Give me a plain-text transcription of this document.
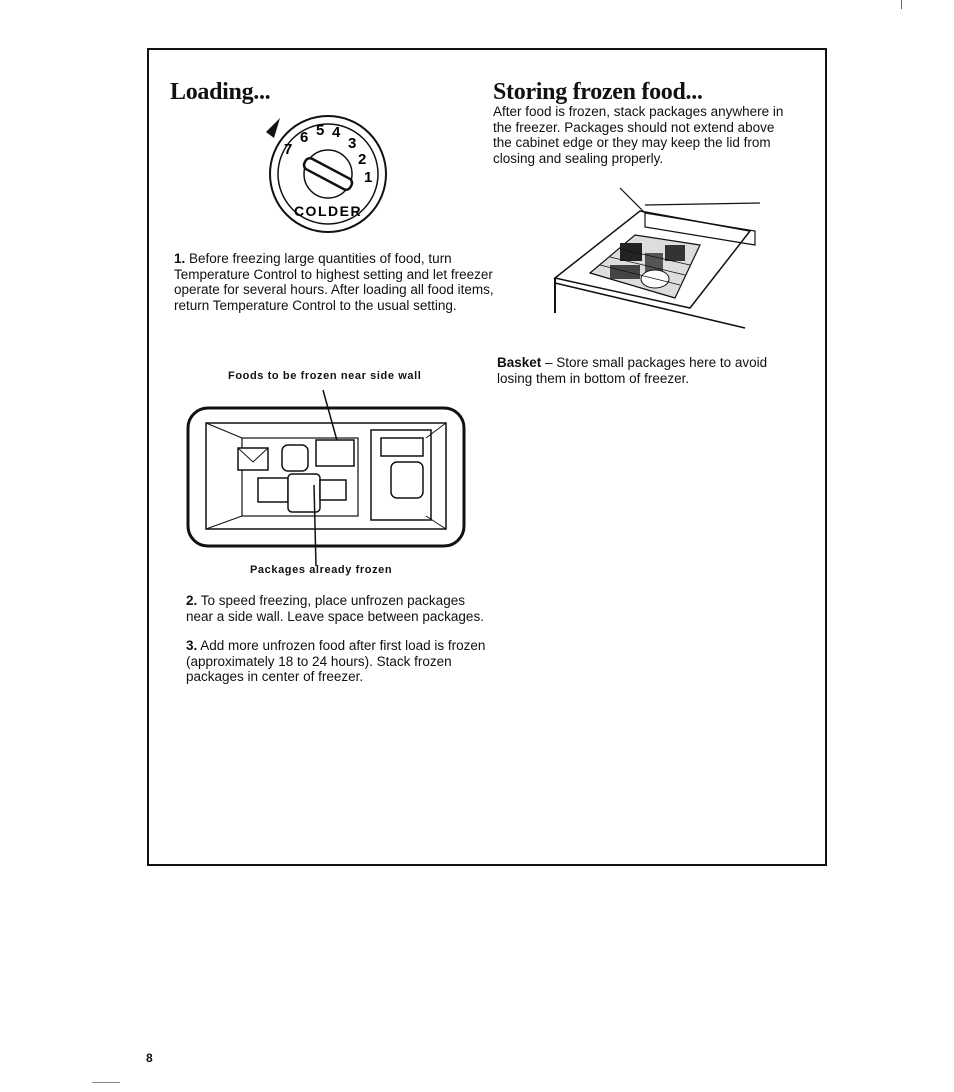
Loading...
7
6 5 4
3
2
1
COLDER

1. Before freezing large quantities of food, turn Temperature Control to highest setting and let freezer operate for several hours. After loading all food items, return Temperature Control to the usual setting.

Foods to be frozen near side wall
Packages already frozen

2. To speed freezing, place unfrozen packages near a side wall. Leave space between packages.

3. Add more unfrozen food after first load is frozen (approximately 18 to 24 hours). Stack frozen packages in center of freezer.

Storing frozen food...

After food is frozen, stack packages anywhere in the freezer. Packages should not extend above the cabinet edge or they may keep the lid from closing and sealing properly.

Basket – Store small packages here to avoid losing them in bottom of freezer.

8
